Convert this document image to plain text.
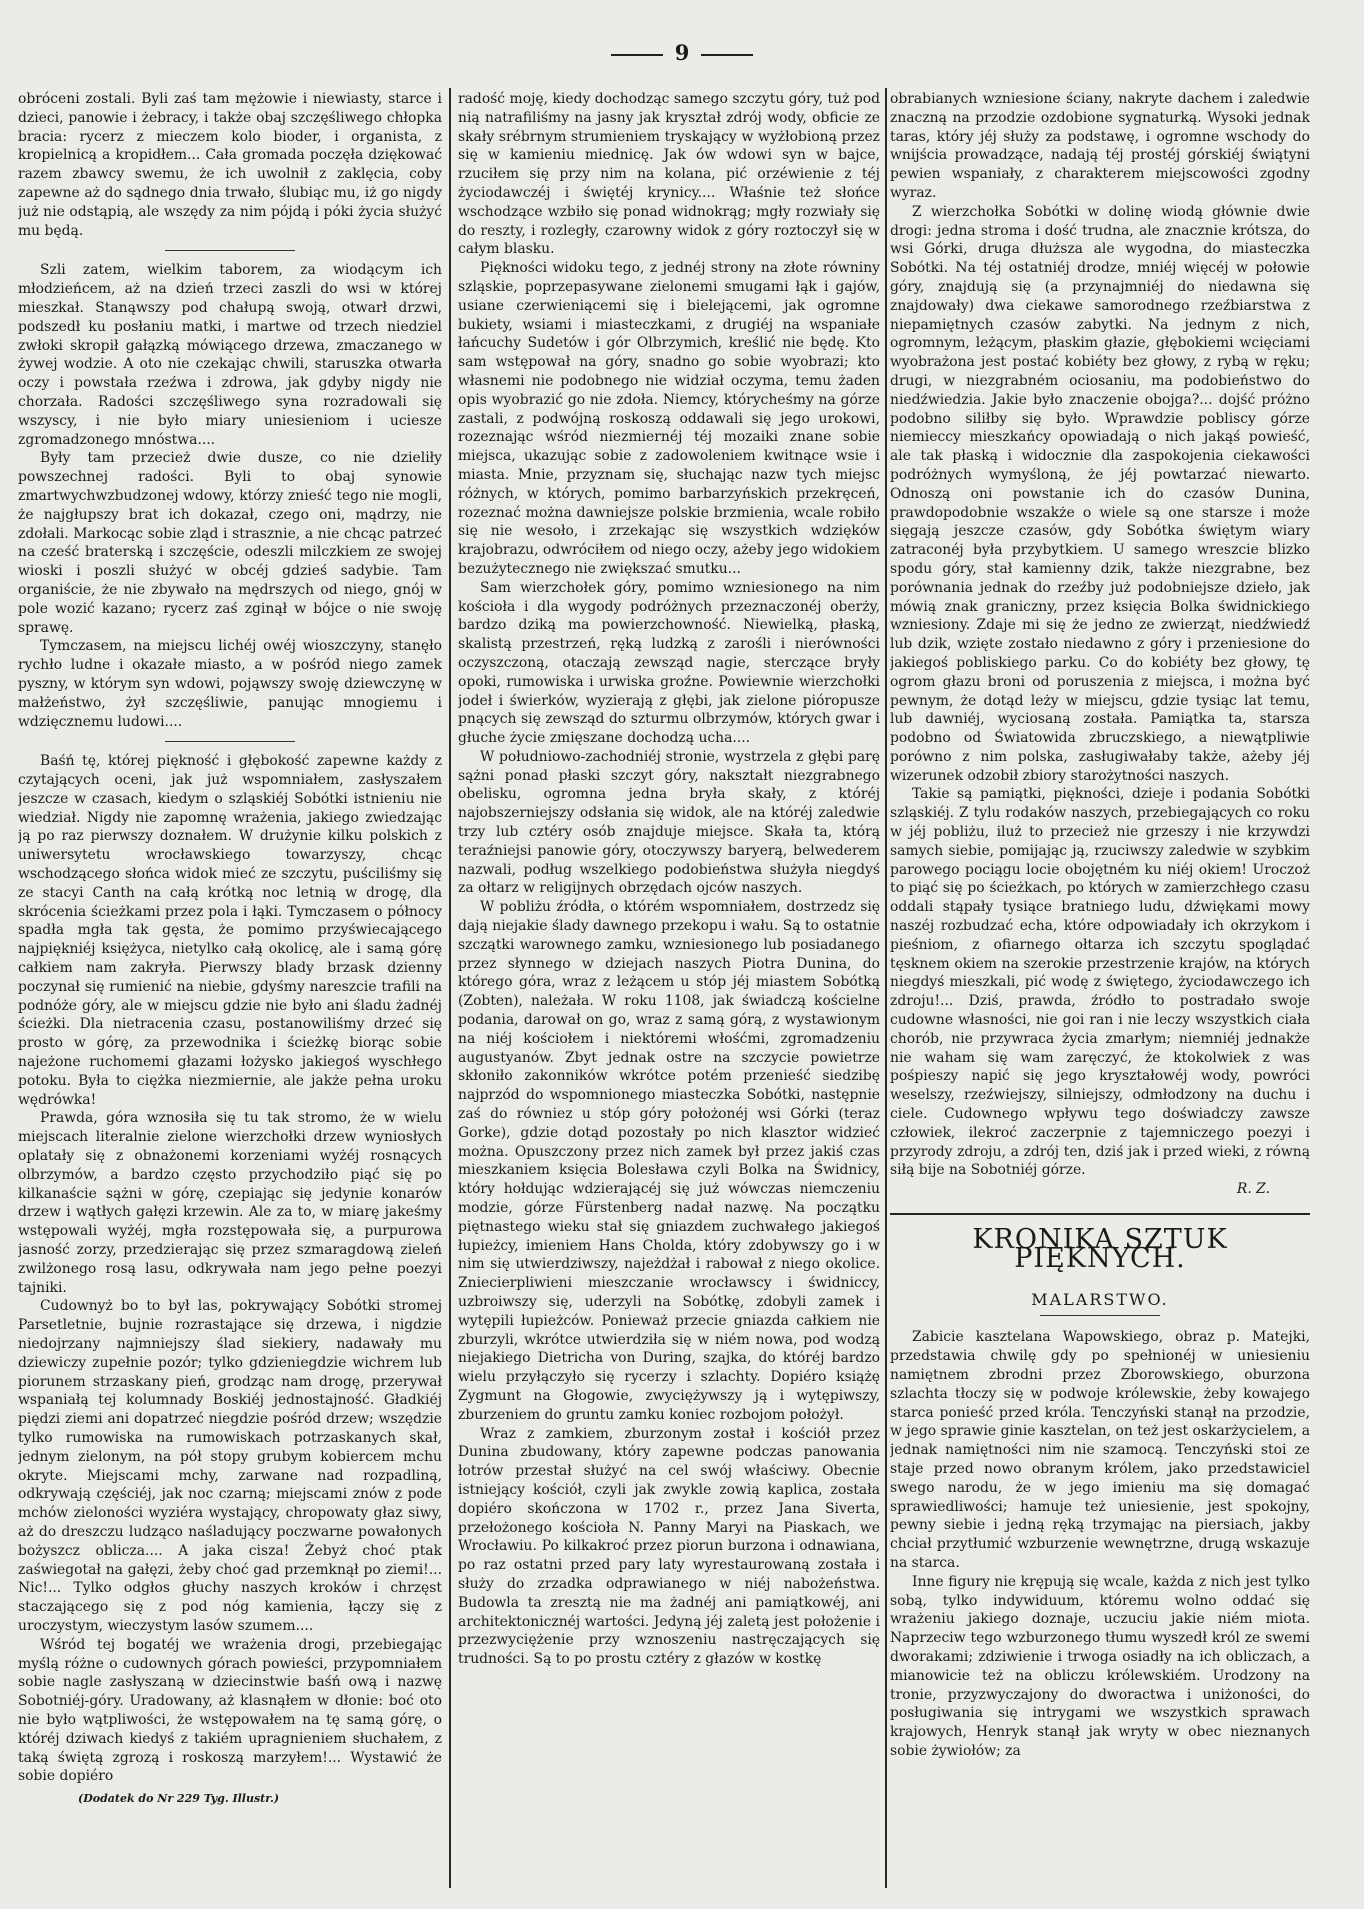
9

obróceni zostali. Byli zaś tam mężowie i niewiasty, starce i dzieci, panowie i żebracy, i także obaj szczęśliwego chłopka bracia: rycerz z mieczem kolo bioder, i organista, z kropielnicą a kropidłem... Cała gromada poczęła dziękować razem zbawcy swemu, że ich uwolnił z zaklęcia, coby zapewne aż do sądnego dnia trwało, ślubiąc mu, iż go nigdy już nie odstąpią, ale wszędy za nim pójdą i póki życia służyć mu będą.

Szli zatem, wielkim taborem, za wiodącym ich młodzieńcem, aż na dzień trzeci zaszli do wsi w której mieszkał. Stanąwszy pod chałupą swoją, otwarł drzwi, podszedł ku posłaniu matki, i martwe od trzech niedziel zwłoki skropił gałązką mówiącego drzewa, zmaczanego w żywej wodzie. A oto nie czekając chwili, staruszka otwarła oczy i powstała rzeźwa i zdrowa, jak gdyby nigdy nie chorzała. Radości szczęśliwego syna rozradowali się wszyscy, i nie było miary uniesieniom i uciesze zgromadzonego mnóstwa....

Były tam przecież dwie dusze, co nie dzieliły powszechnej radości. Byli to obaj synowie zmartwychwzbudzonej wdowy, którzy znieść tego nie mogli, że najgłupszy brat ich dokazał, czego oni, mądrzy, nie zdołali. Markocąc sobie zląd i strasznie, a nie chcąc patrzeć na cześć braterską i szczęście, odeszli milczkiem ze swojej wioski i poszli służyć w obcéj gdzieś sadybie. Tam organiście, że nie zbywało na mędrszych od niego, gnój w pole wozić kazano; rycerz zaś zginął w bójce o nie swoję sprawę.

Tymczasem, na miejscu lichéj owéj wioszczyny, stanęło rychło ludne i okazałe miasto, a w pośród niego zamek pyszny, w którym syn wdowi, pojąwszy swoję dziewczynę w małżeństwo, żył szczęśliwie, panując mnogiemu i wdzięcznemu ludowi....

Baśń tę, której piękność i głębokość zapewne każdy z czytających oceni, jak już wspomniałem, zasłyszałem jeszcze w czasach, kiedym o szląskiéj Sobótki istnieniu nie wiedział. Nigdy nie zapomnę wrażenia, jakiego zwiedzając ją po raz pierwszy doznałem. W drużynie kilku polskich z uniwersytetu wrocławskiego towarzyszy, chcąc wschodzącego słońca widok mieć ze szczytu, puściliśmy się ze stacyi Canth na całą krótką noc letnią w drogę, dla skrócenia ścieżkami przez pola i łąki. Tymczasem o północy spadła mgła tak gęsta, że pomimo przyświecającego najpiękniéj księżyca, nietylko całą okolicę, ale i samą górę całkiem nam zakryła. Pierwszy blady brzask dzienny poczynał się rumienić na niebie, gdyśmy nareszcie trafili na podnóże góry, ale w miejscu gdzie nie było ani śladu żadnéj ścieżki. Dla nietracenia czasu, postanowiliśmy drzeć się prosto w górę, za przewodnika i ścieżkę biorąc sobie najeżone ruchomemi głazami łożysko jakiegoś wyschłego potoku. Była to ciężka niezmiernie, ale jakże pełna uroku wędrówka!

Prawda, góra wznosiła się tu tak stromo, że w wielu miejscach literalnie zielone wierzchołki drzew wyniosłych oplatały się z obnażonemi korzeniami wyżéj rosnących olbrzymów, a bardzo często przychodziło piąć się po kilkanaście sążni w górę, czepiając się jedynie konarów drzew i wątłych gałęzi krzewin. Ale za to, w miarę jakeśmy wstępowali wyżéj, mgła rozstępowała się, a purpurowa jasność zorzy, przedzierając się przez szmaragdową zieleń zwilżonego rosą lasu, odkrywała nam jego pełne poezyi tajniki.

Cudownyż bo to był las, pokrywający Sobótki stromej Parsetletnie, bujnie rozrastające się drzewa, i nigdzie niedojrzany najmniejszy ślad siekiery, nadawały mu dziewiczy zupełnie pozór; tylko gdzieniegdzie wichrem lub piorunem strzaskany pień, grodząc nam drogę, przerywał wspaniałą tej kolumnady Boskiéj jednostajność. Gładkiéj piędzi ziemi ani dopatrzeć niegdzie pośród drzew; wszędzie tylko rumowiska na rumowiskach potrzaskanych skał, jednym zielonym, na pół stopy grubym kobiercem mchu okryte. Miejscami mchy, zarwane nad rozpadliną, odkrywają częściéj, jak noc czarną; miejscami znów z pode mchów zieloności wyziéra wystający, chropowaty głaz siwy, aż do dreszczu ludząco naśladujący poczwarne powałonych bożyszcz oblicza.... A jaka cisza! Żebyż choć ptak zaświegotał na gałęzi, żeby choć gad przemknął po ziemi!... Nic!... Tylko odgłos głuchy naszych kroków i chrzęst staczającego się z pod nóg kamienia, łączy się z uroczystym, wieczystym lasów szumem....

Wśród tej bogatéj we wrażenia drogi, przebiegając myślą różne o cudownych górach powieści, przypomniałem sobie nagle zasłyszaną w dziecinstwie baśń ową i nazwę Sobotniéj-góry. Uradowany, aż klasnąłem w dłonie: boć oto nie było wątpliwości, że wstępowałem na tę samą górę, o któréj dziwach kiedyś z takiém upragnieniem słuchałem, z taką świętą zgrozą i roskoszą marzyłem!... Wystawić że sobie dopiéro

(Dodatek do Nr 229 Tyg. Illustr.)

radość moję, kiedy dochodząc samego szczytu góry, tuż pod nią natrafiliśmy na jasny jak kryształ zdrój wody, obficie ze skały srébrnym strumieniem tryskający w wyżłobioną przez się w kamieniu miednicę. Jak ów wdowi syn w bajce, rzuciłem się przy nim na kolana, pić orzéwienie z téj życiodawczéj i świętéj krynicy.... Właśnie też słońce wschodzące wzbiło się ponad widnokrąg; mgły rozwiały się do reszty, i rozległy, czarowny widok z góry roztoczył się w całym blasku.

Piękności widoku tego, z jednéj strony na złote równiny szląskie, poprzepasywane zielonemi smugami łąk i gajów, usiane czerwieniącemi się i bielejącemi, jak ogromne bukiety, wsiami i miasteczkami, z drugiéj na wspaniałe łańcuchy Sudetów i gór Olbrzymich, kreślić nie będę. Kto sam wstępował na góry, snadno go sobie wyobrazi; kto własnemi nie podobnego nie widział oczyma, temu żaden opis wyobrazić go nie zdoła. Niemcy, którycheśmy na górze zastali, z podwójną roskoszą oddawali się jego urokowi, rozeznając wśród niezmiernéj téj mozaiki znane sobie miejsca, ukazując sobie z zadowoleniem kwitnące wsie i miasta. Mnie, przyznam się, słuchając nazw tych miejsc różnych, w których, pomimo barbarzyńskich przekręceń, rozeznać można dawniejsze polskie brzmienia, wcale robiło się nie wesoło, i zrzekając się wszystkich wdzięków krajobrazu, odwróciłem od niego oczy, ażeby jego widokiem bezużytecznego nie zwiększać smutku...

Sam wierzchołek góry, pomimo wzniesionego na nim kościoła i dla wygody podróżnych przeznaczonéj oberży, bardzo dziką ma powierzchowność. Niewielką, płaską, skalistą przestrzeń, ręką ludzką z zarośli i nierówności oczyszczoną, otaczają zewsząd nagie, sterczące bryły opoki, rumowiska i urwiska groźne. Powiewnie wierzchołki jodeł i świerków, wyzierają z głębi, jak zielone pióropusze pnących się zewsząd do szturmu olbrzymów, których gwar i głuche życie zmięszane dochodzą ucha....

W południowo-zachodniéj stronie, wystrzela z głębi parę sążni ponad płaski szczyt góry, nakształt niezgrabnego obelisku, ogromna jedna bryła skały, z któréj najobszerniejszy odsłania się widok, ale na któréj zaledwie trzy lub cztéry osób znajduje miejsce. Skała ta, którą teraźniejsi panowie góry, otoczywszy baryerą, belwederem nazwali, podług wszelkiego podobieństwa służyła niegdyś za ołtarz w religijnych obrzędach ojców naszych.

W pobliżu źródła, o którém wspomniałem, dostrzedz się dają niejakie ślady dawnego przekopu i wału. Są to ostatnie szczątki warownego zamku, wzniesionego lub posiadanego przez słynnego w dziejach naszych Piotra Dunina, do którego góra, wraz z leżącem u stóp jéj miastem Sobótką (Zobten), należała. W roku 1108, jak świadczą kościelne podania, darował on go, wraz z samą górą, z wystawionym na niéj kościołem i niektóremi włośćmi, zgromadzeniu augustyanów. Zbyt jednak ostre na szczycie powietrze skłoniło zakonników wkrótce potém przenieść siedzibę najprzód do wspomnionego miasteczka Sobótki, następnie zaś do równiez u stóp góry położonéj wsi Górki (teraz Gorke), gdzie dotąd pozostały po nich klasztor widzieć można. Opuszczony przez nich zamek był przez jakiś czas mieszkaniem księcia Bolesława czyli Bolka na Świdnicy, który hołdując wdzierającéj się już wówczas niemczeniu modzie, górze Fürstenberg nadał nazwę. Na początku piętnastego wieku stał się gniazdem zuchwałego jakiegoś łupieżcy, imieniem Hans Cholda, który zdobywszy go i w nim się utwierdziwszy, najeżdżał i rabował z niego okolice. Zniecierpliwieni mieszczanie wrocławscy i świdniccy, uzbroiwszy się, uderzyli na Sobótkę, zdobyli zamek i wytępili łupieżców. Ponieważ przecie gniazda całkiem nie zburzyli, wkrótce utwierdziła się w niém nowa, pod wodzą niejakiego Dietricha von During, szajka, do któréj bardzo wielu przyłączyło się rycerzy i szlachty. Dopiéro książę Zygmunt na Głogowie, zwyciężywszy ją i wytępiwszy, zburzeniem do gruntu zamku koniec rozbojom położył.

Wraz z zamkiem, zburzonym został i kościół przez Dunina zbudowany, który zapewne podczas panowania łotrów przestał służyć na cel swój właściwy. Obecnie istniejący kościół, czyli jak zwykle zowią kaplica, została dopiéro skończona w 1702 r., przez Jana Siverta, przełożonego kościoła N. Panny Maryi na Piaskach, we Wrocławiu. Po kilkakroć przez piorun burzona i odnawiana, po raz ostatni przed pary laty wyrestaurowaną została i służy do zrzadka odprawianego w niéj nabożeństwa. Budowla ta zresztą nie ma żadnéj ani pamiątkowéj, ani architektonicznéj wartości. Jedyną jéj zaletą jest położenie i przezwyciężenie przy wznoszeniu nastręczających się trudności. Są to po prostu cztéry z głazów w kostkę

obrabianych wzniesione ściany, nakryte dachem i zaledwie znaczną na przodzie ozdobione sygnaturką. Wysoki jednak taras, który jéj służy za podstawę, i ogromne wschody do wnijścia prowadzące, nadają téj prostéj górskiéj świątyni pewien wspaniały, z charakterem miejscowości zgodny wyraz.

Z wierzchołka Sobótki w dolinę wiodą głównie dwie drogi: jedna stroma i dość trudna, ale znacznie krótsza, do wsi Górki, druga dłuższa ale wygodna, do miasteczka Sobótki. Na téj ostatniéj drodze, mniéj więcéj w połowie góry, znajdują się (a przynajmniéj do niedawna się znajdowały) dwa ciekawe samorodnego rzeźbiarstwa z niepamiętnych czasów zabytki. Na jednym z nich, ogromnym, leżącym, płaskim głazie, głębokiemi wcięciami wyobrażona jest postać kobiéty bez głowy, z rybą w ręku; drugi, w niezgrabném ociosaniu, ma podobieństwo do niedźwiedzia. Jakie było znaczenie obojga?... dojść próżno podobno siliłby się było. Wprawdzie pobliscy górze niemieccy mieszkańcy opowiadają o nich jakąś powieść, ale tak płaską i widocznie dla zaspokojenia ciekawości podróżnych wymyśloną, że jéj powtarzać niewarto. Odnoszą oni powstanie ich do czasów Dunina, prawdopodobnie wszakże o wiele są one starsze i może sięgają jeszcze czasów, gdy Sobótka świętym wiary zatraconéj była przybytkiem. U samego wreszcie blizko spodu góry, stał kamienny dzik, także niezgrabne, bez porównania jednak do rzeźby już podobniejsze dzieło, jak mówią znak graniczny, przez księcia Bolka świdnickiego wzniesiony. Zdaje mi się że jedno ze zwierząt, niedźwiedź lub dzik, wzięte zostało niedawno z góry i przeniesione do jakiegoś pobliskiego parku. Co do kobiéty bez głowy, tę ogrom głazu broni od poruszenia z miejsca, i można być pewnym, że dotąd leży w miejscu, gdzie tysiąc lat temu, lub dawniéj, wyciosaną została. Pamiątka ta, starsza podobno od Światowida zbruczskiego, a niewątpliwie porówno z nim polska, zasługiwałaby także, ażeby jéj wizerunek odzobił zbiory starożytności naszych.

Takie są pamiątki, piękności, dzieje i podania Sobótki szląskiéj. Z tylu rodaków naszych, przebiegających co roku w jéj pobliżu, iluż to przecież nie grzeszy i nie krzywdzi samych siebie, pomijając ją, rzuciwszy zaledwie w szybkim parowego pociągu locie obojętném ku niéj okiem! Uroczoż to piąć się po ścieżkach, po których w zamierzchłego czasu oddali stąpały tysiące bratniego ludu, dźwiękami mowy naszéj rozbudzać echa, które odpowiadały ich okrzykom i pieśniom, z ofiarnego ołtarza ich szczytu spoglądać tęsknem okiem na szerokie przestrzenie krajów, na których niegdyś mieszkali, pić wodę z świętego, życiodawczego ich zdroju!... Dziś, prawda, źródło to postradało swoje cudowne własności, nie goi ran i nie leczy wszystkich ciała chorób, nie przywraca życia zmarłym; niemniéj jednakże nie waham się wam zaręczyć, że ktokolwiek z was pośpieszy napić się jego kryształowéj wody, powróci weselszy, rzeźwiejszy, silniejszy, odmłodzony na duchu i ciele. Cudownego wpływu tego doświadczy zawsze człowiek, ilekroć zaczerpnie z tajemniczego poezyi i przyrody zdroju, a zdrój ten, dziś jak i przed wieki, z równą siłą bije na Sobotniéj górze.

R. Z.
KRONIKA SZTUK PIĘKNYCH.
MALARSTWO.

Zabicie kasztelana Wapowskiego, obraz p. Matejki, przedstawia chwilę gdy po spełnionéj w uniesieniu namiętnem zbrodni przez Zborowskiego, oburzona szlachta tłoczy się w podwoje królewskie, żeby kowajego starca ponieść przed króla. Tenczyński stanął na przodzie, w jego sprawie ginie kasztelan, on też jest oskarżycielem, a jednak namiętności nim nie szamocą. Tenczyński stoi ze staje przed nowo obranym królem, jako przedstawiciel swego narodu, że w jego imieniu ma się domagać sprawiedliwości; hamuje też uniesienie, jest spokojny, pewny siebie i jedną ręką trzymając na piersiach, jakby chciał przytłumić wzburzenie wewnętrzne, drugą wskazuje na starca.

Inne figury nie krępują się wcale, każda z nich jest tylko sobą, tylko indywiduum, któremu wolno oddać się wrażeniu jakiego doznaje, uczuciu jakie niém miota. Naprzeciw tego wzburzonego tłumu wyszedł król ze swemi dworakami; zdziwienie i trwoga osiadły na ich obliczach, a mianowicie też na obliczu królewskiém. Urodzony na tronie, przyzwyczajony do dworactwa i uniżoności, do posługiwania się intrygami we wszystkich sprawach krajowych, Henryk stanął jak wryty w obec nieznanych sobie żywiołów; za
